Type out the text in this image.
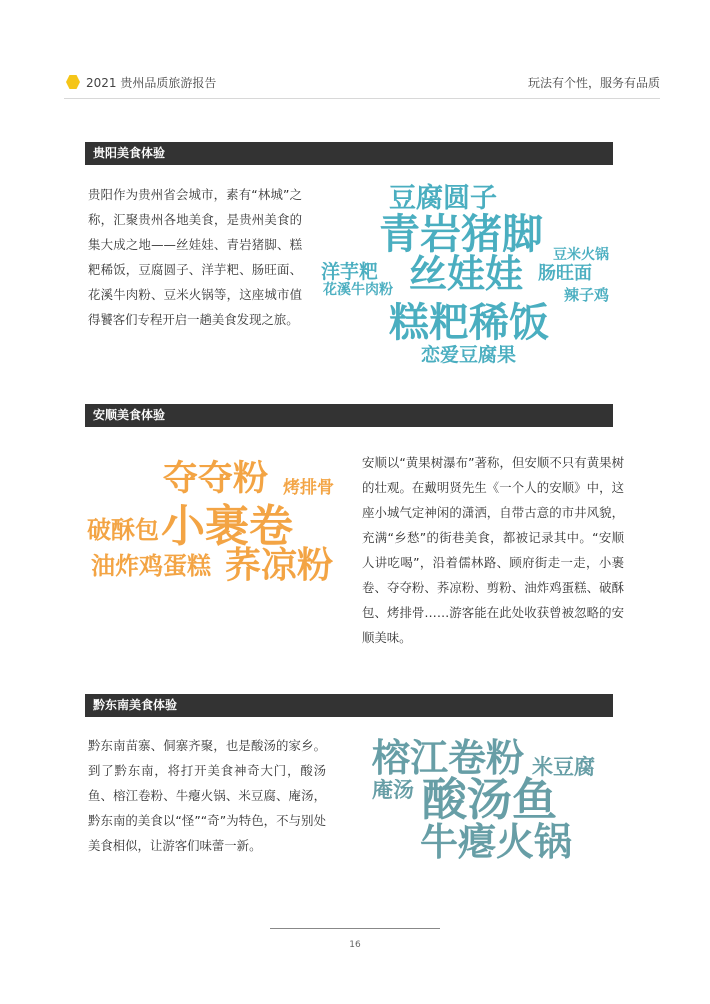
2021 贵州品质旅游报告	玩法有个性，服务有品质
贵阳美食体验
贵阳作为贵州省会城市，素有“林城”之称，汇聚贵州各地美食，是贵州美食的集大成之地——丝娃娃、青岩猪脚、糕粑稀饭，豆腐圆子、洋芋粑、肠旺面、花溪牛肉粉、豆米火锅等，这座城市值得饕客们专程开启一趟美食发现之旅。
豆腐圆子
青岩猪脚 豆米火锅
洋芋粑 丝娃娃 肠旺面
花溪牛肉粉	辣子鸡
糕粑稀饭
恋爱豆腐果
安顺美食体验
夺夺粉 烤排骨
破酥包 小裹卷
油炸鸡蛋糕 荞凉粉
安顺以“黄果树瀑布”著称，但安顺不只有黄果树的壮观。在戴明贤先生《一个人的安顺》中，这座小城气定神闲的潇洒，自带古意的市井风貌，充满“乡愁”的街巷美食，都被记录其中。“安顺人讲吃喝”，沿着儒林路、顾府街走一走，小裹卷、夺夺粉、荞凉粉、剪粉、油炸鸡蛋糕、破酥包、烤排骨……游客能在此处收获曾被忽略的安顺美味。
黔东南美食体验
黔东南苗寨、侗寨齐聚，也是酸汤的家乡。到了黔东南，将打开美食神奇大门，酸汤鱼、榕江卷粉、牛瘪火锅、米豆腐、庵汤，黔东南的美食以“怪”“奇”为特色，不与别处美食相似，让游客们味蕾一新。
榕江卷粉 米豆腐
庵汤 酸汤鱼
牛瘪火锅
16
